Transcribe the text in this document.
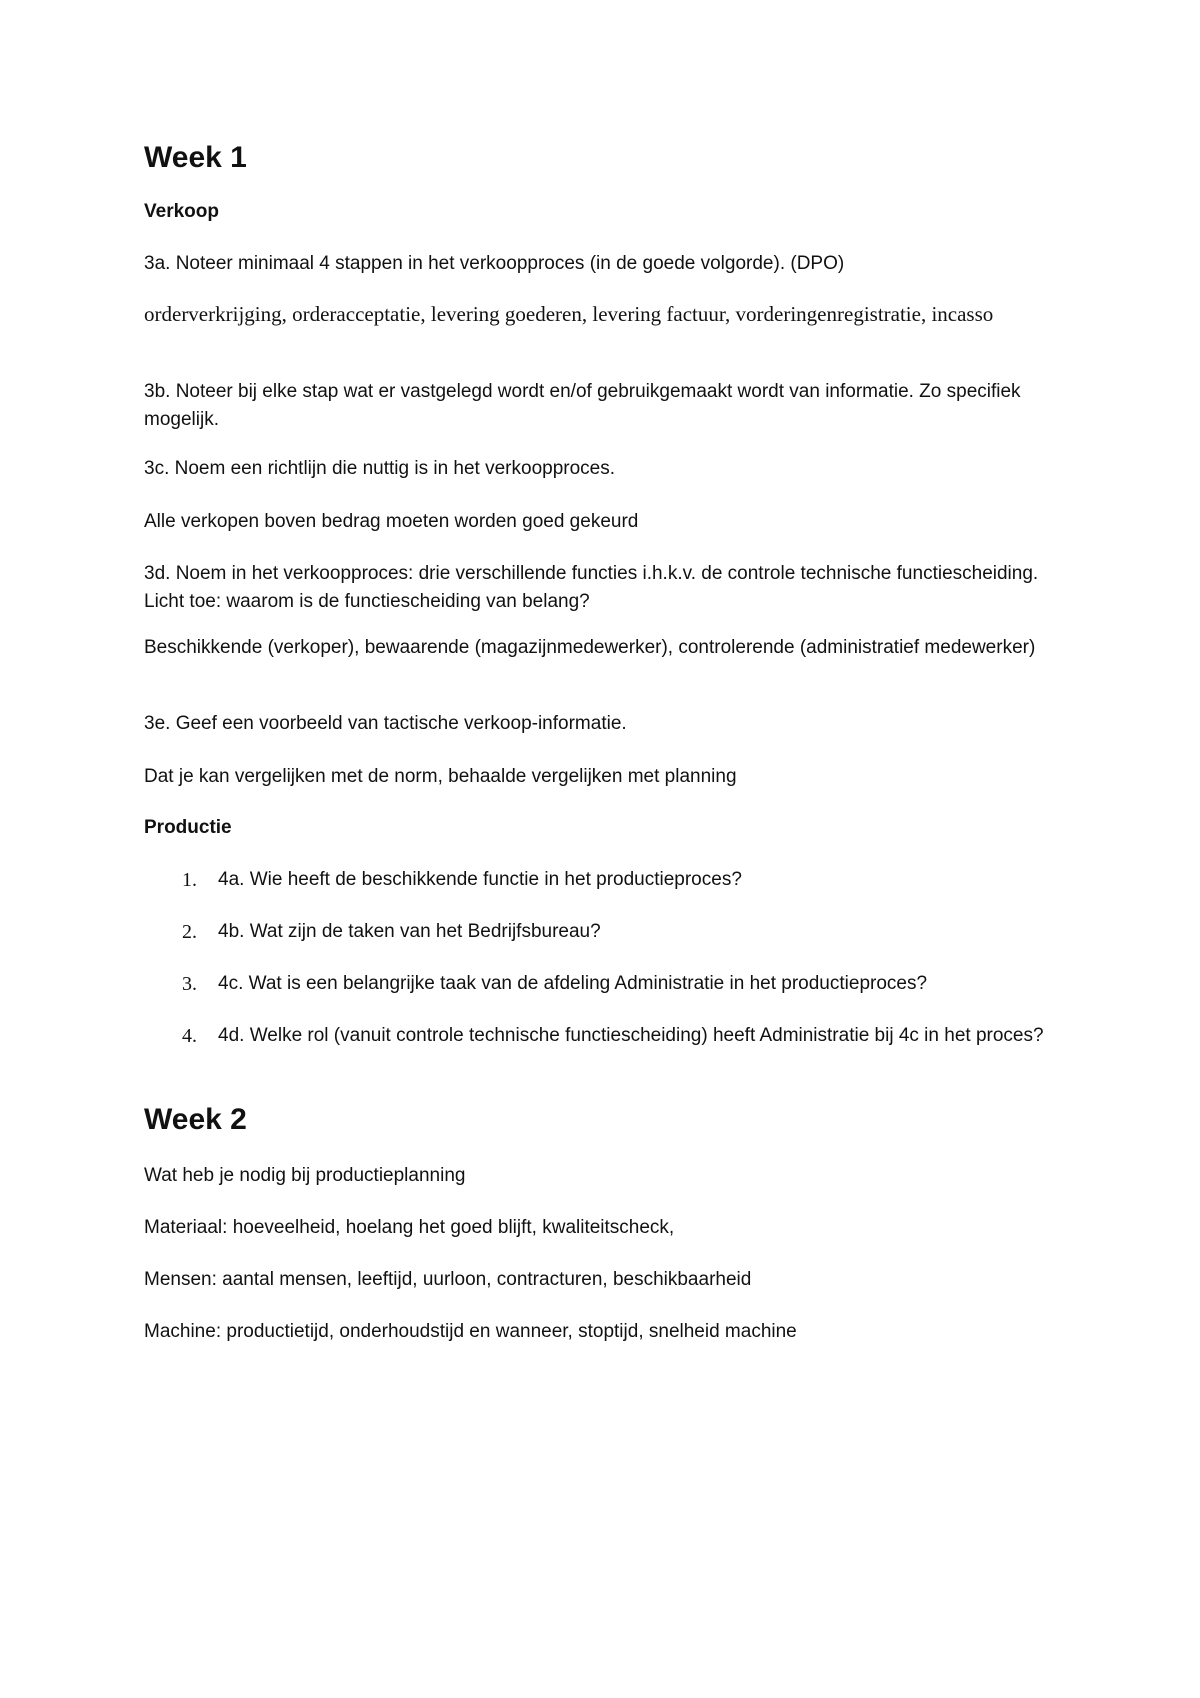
Week 1
Verkoop
3a. Noteer minimaal 4 stappen in het verkoopproces (in de goede volgorde). (DPO)
orderverkrijging, orderacceptatie, levering goederen, levering factuur, vorderingenregistratie, incasso
3b. Noteer bij elke stap wat er vastgelegd wordt en/of gebruikgemaakt wordt van informatie. Zo specifiek mogelijk.
3c. Noem een richtlijn die nuttig is in het verkoopproces.
Alle verkopen boven bedrag moeten worden goed gekeurd
3d. Noem in het verkoopproces: drie verschillende functies i.h.k.v. de controle technische functiescheiding. Licht toe: waarom is de functiescheiding van belang?
Beschikkende (verkoper), bewaarende (magazijnmedewerker), controlerende (administratief medewerker)
3e. Geef een voorbeeld van tactische verkoop-informatie.
Dat je kan vergelijken met de norm, behaalde vergelijken met planning
Productie
1.	4a. Wie heeft de beschikkende functie in het productieproces?
2.	4b. Wat zijn de taken van het Bedrijfsbureau?
3.	4c. Wat is een belangrijke taak van de afdeling Administratie in het productieproces?
4.	4d. Welke rol (vanuit controle technische functiescheiding) heeft Administratie bij 4c in het proces?
Week 2
Wat heb je nodig bij productieplanning
Materiaal: hoeveelheid, hoelang het goed blijft, kwaliteitscheck,
Mensen: aantal mensen, leeftijd, uurloon, contracturen, beschikbaarheid
Machine: productietijd, onderhoudstijd en wanneer, stoptijd, snelheid machine
